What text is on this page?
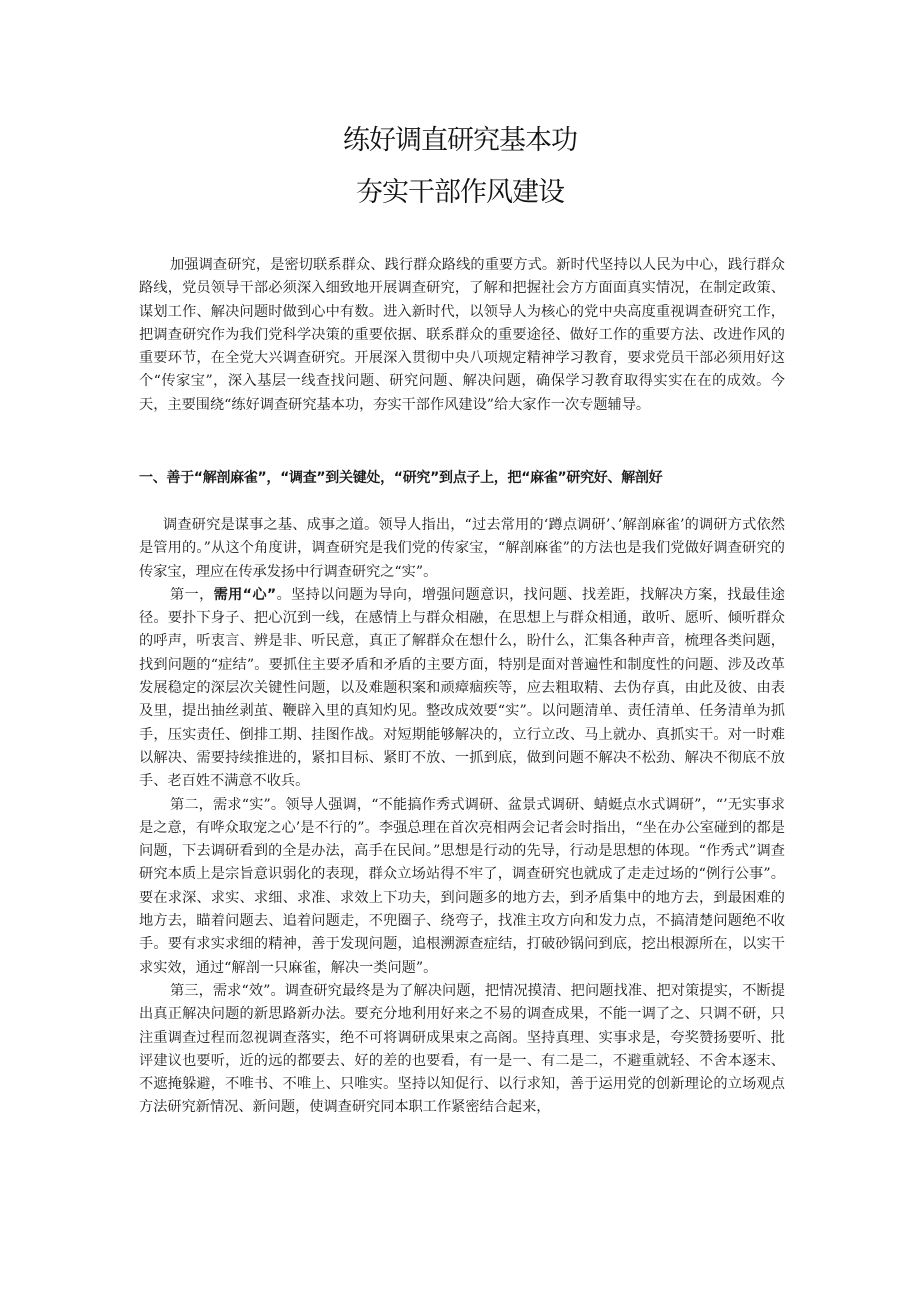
练好调直研究基本功
夯实干部作风建设

加强调查研究，是密切联系群众、践行群众路线的重要方式。新时代坚持以人民为中心，践行群众路线，党员领导干部必须深入细致地开展调查研究，了解和把握社会方方面面真实情况，在制定政策、谋划工作、解决问题时做到心中有数。进入新时代，以领导人为核心的党中央高度重视调查研究工作，把调查研究作为我们党科学决策的重要依据、联系群众的重要途径、做好工作的重要方法、改进作风的重要环节，在全党大兴调查研究。开展深入贯彻中央八项规定精神学习教育，要求党员干部必须用好这个“传家宝”，深入基层一线查找问题、研究问题、解决问题，确保学习教育取得实实在在的成效。今天，主要围绕“练好调查研究基本功，夯实干部作风建设”给大家作一次专题辅导。

一、善于“解剖麻雀”，“调查”到关键处，“研究”到点子上，把“麻雀”研究好、解剖好

调查研究是谋事之基、成事之道。领导人指出，“过去常用的‘蹲点调研’、’解剖麻雀’的调研方式依然是管用的。”从这个角度讲，调查研究是我们党的传家宝，“解剖麻雀”的方法也是我们党做好调查研究的传家宝，理应在传承发扬中行调查研究之“实”。

第一，需用“心”。坚持以问题为导向，增强问题意识，找问题、找差距，找解决方案，找最佳途径。要扑下身子、把心沉到一线，在感情上与群众相融，在思想上与群众相通，敢听、愿听、倾听群众的呼声，听衷言、辨是非、听民意，真正了解群众在想什么，盼什么，汇集各种声音，梳理各类问题，找到问题的“症结”。要抓住主要矛盾和矛盾的主要方面，特别是面对普遍性和制度性的问题、涉及改革发展稳定的深层次关键性问题，以及难题积案和顽瘴痼疾等，应去粗取精、去伪存真，由此及彼、由表及里，提出抽丝剥茧、鞭辟入里的真知灼见。整改成效要“实”。以问题清单、责任清单、任务清单为抓手，压实责任、倒排工期、挂图作战。对短期能够解决的，立行立改、马上就办、真抓实干。对一时难以解决、需要持续推进的，紧扣目标、紧盯不放、一抓到底，做到问题不解决不松劲、解决不彻底不放手、老百姓不满意不收兵。

第二，需求“实”。领导人强调，“不能搞作秀式调研、盆景式调研、蜻蜓点水式调研”，“’无实事求是之意，有哗众取宠之心’是不行的”。李强总理在首次亮相两会记者会时指出，“坐在办公室碰到的都是问题，下去调研看到的全是办法，高手在民间。”思想是行动的先导，行动是思想的体现。“作秀式”调查研究本质上是宗旨意识弱化的表现，群众立场站得不牢了，调查研究也就成了走走过场的“例行公事”。要在求深、求实、求细、求准、求效上下功夫，到问题多的地方去，到矛盾集中的地方去，到最困难的地方去，瞄着问题去、追着问题走，不兜圈子、绕弯子，找准主攻方向和发力点，不搞清楚问题绝不收手。要有求实求细的精神，善于发现问题，追根溯源查症结，打破砂锅问到底，挖出根源所在，以实干求实效，通过“解剖一只麻雀，解决一类问题”。

第三，需求“效”。调查研究最终是为了解决问题，把情况摸清、把问题找准、把对策提实，不断提出真正解决问题的新思路新办法。要充分地利用好来之不易的调查成果，不能一调了之、只调不研，只注重调查过程而忽视调查落实，绝不可将调研成果束之高阁。坚持真理、实事求是，夸奖赞扬要听、批评建议也要听，近的远的都要去、好的差的也要看，有一是一、有二是二，不避重就轻、不舍本逐末、不遮掩躲避，不唯书、不唯上、只唯实。坚持以知促行、以行求知，善于运用党的创新理论的立场观点方法研究新情况、新问题，使调查研究同本职工作紧密结合起来，
